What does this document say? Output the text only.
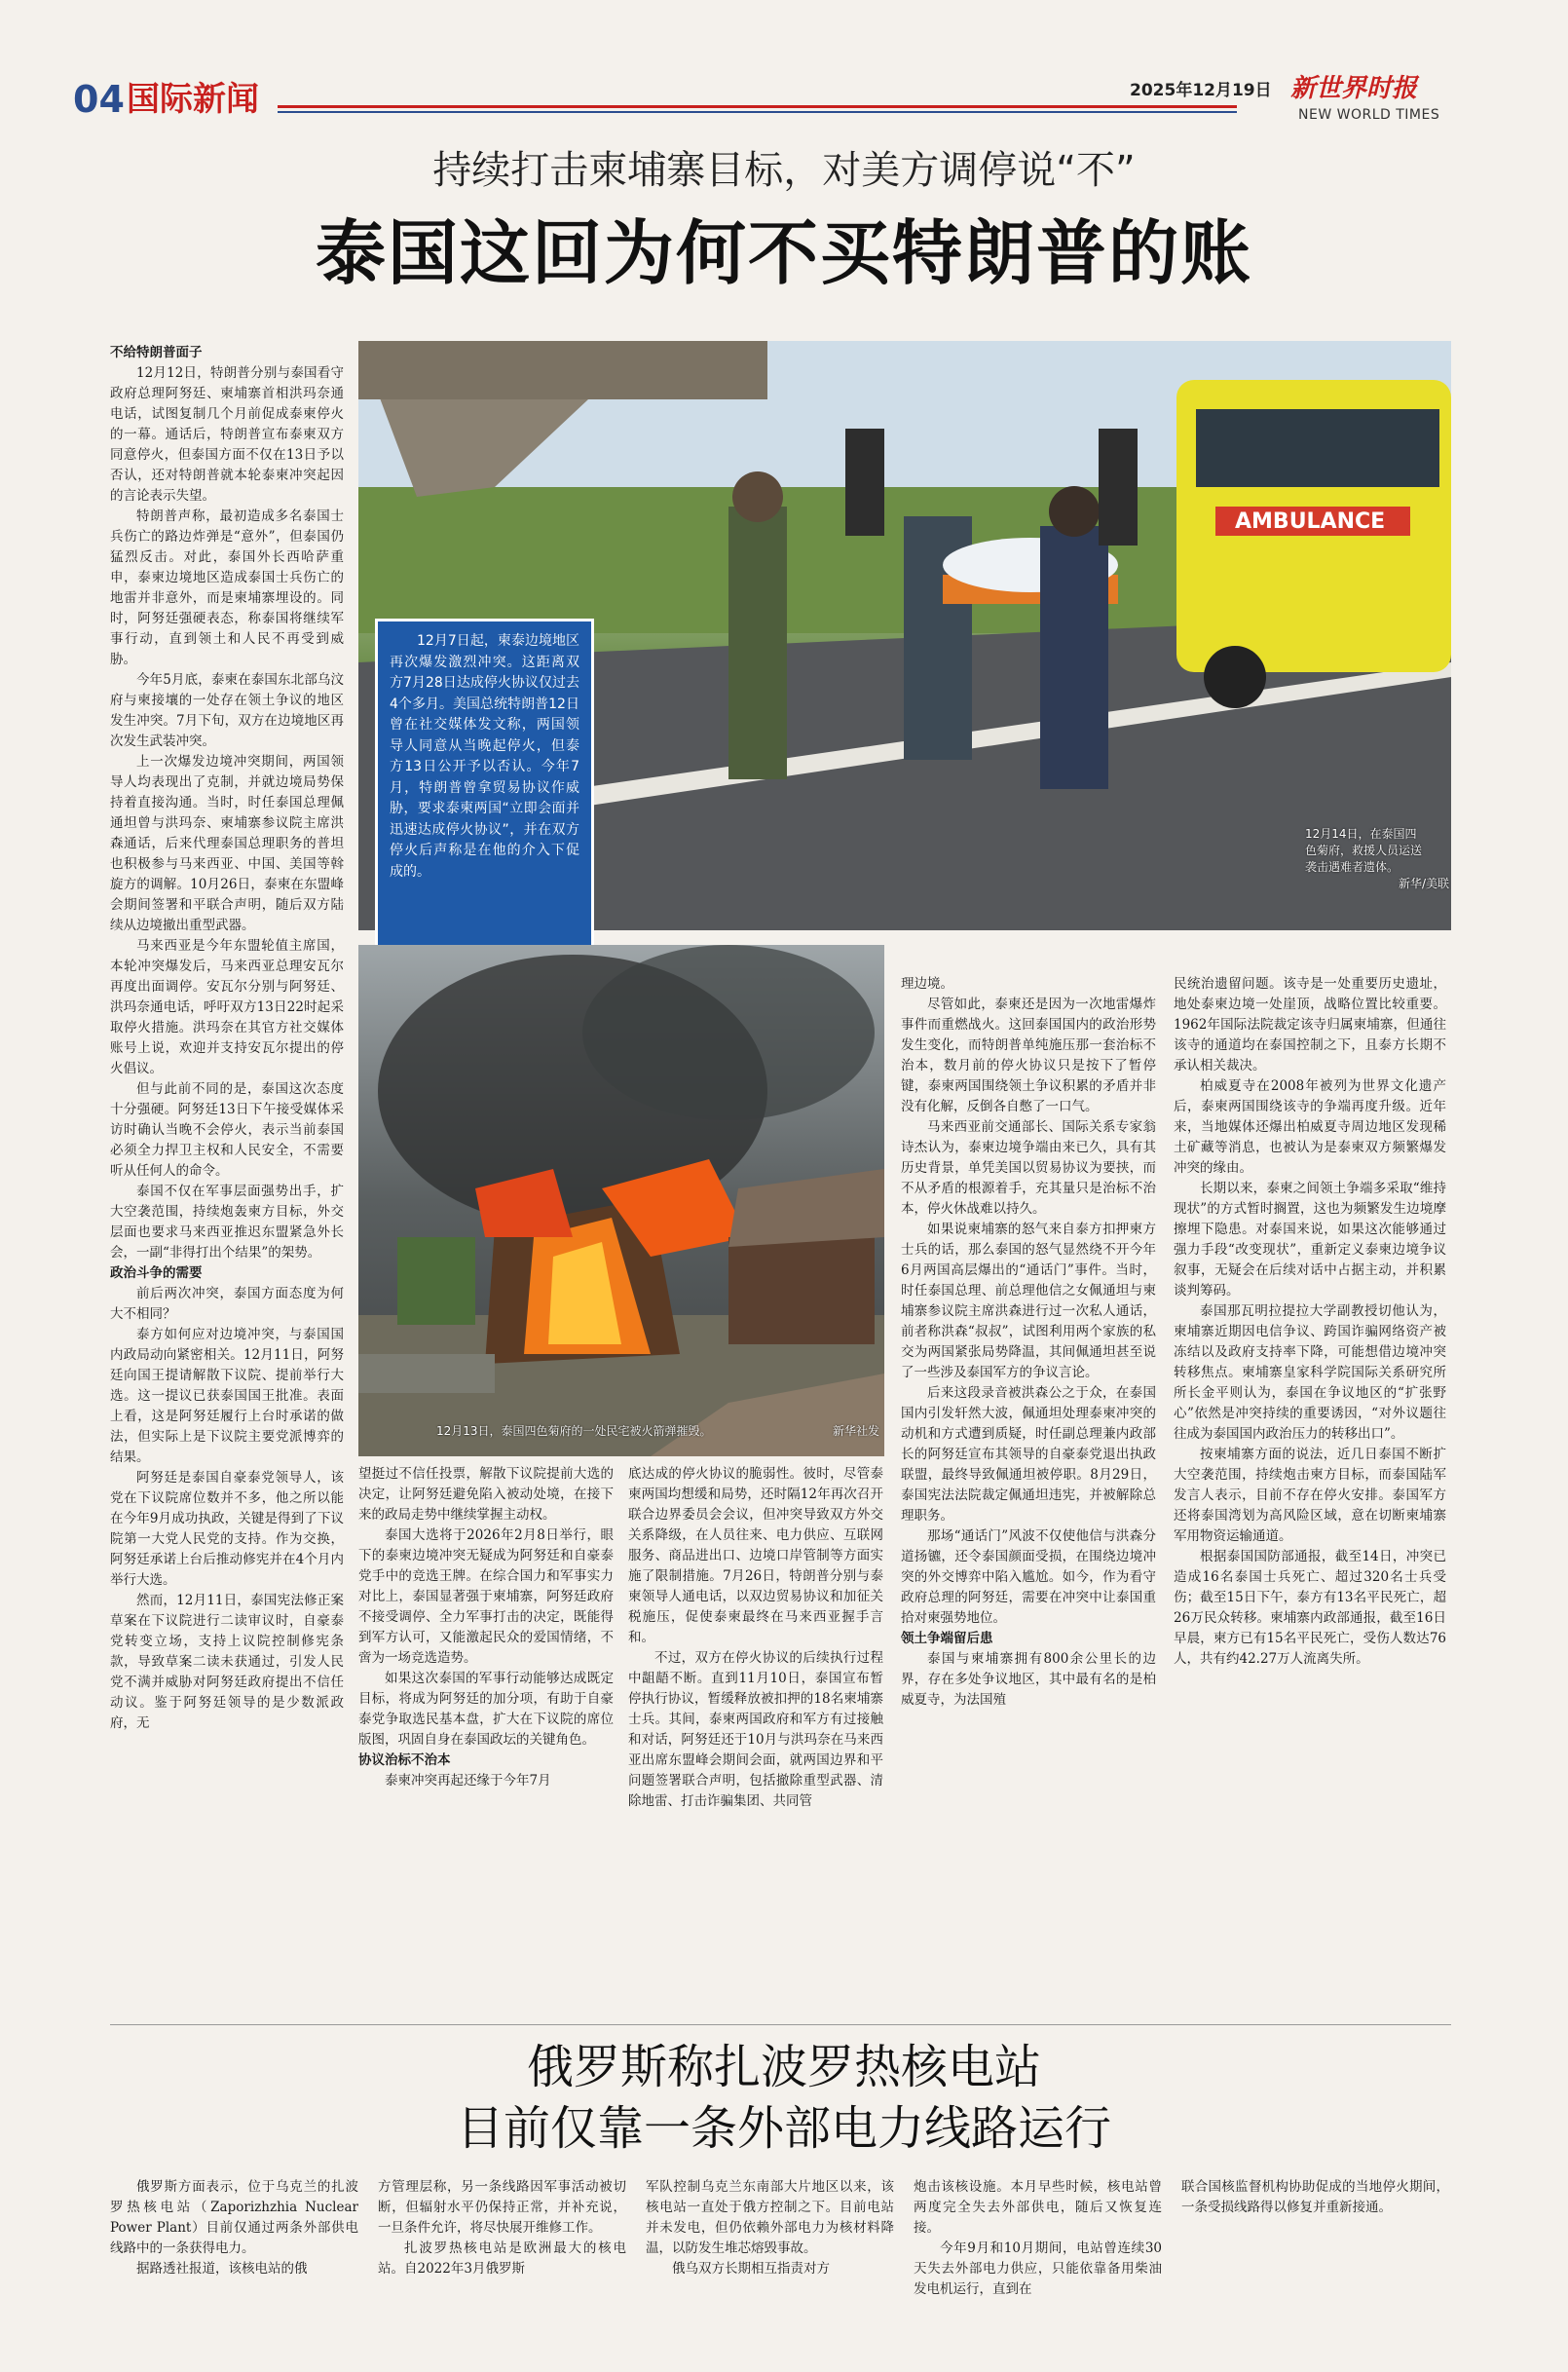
04 国际新闻	2025年12月19日 新世界时报
NEW WORLD TIMES
持续打击柬埔寨目标，对美方调停说“不”
泰国这回为何不买特朗普的账
AMBULANCE
12月7日起，柬泰边境地区再次爆发激烈冲突。这距离双方7月28日达成停火协议仅过去4个多月。美国总统特朗普12日曾在社交媒体发文称，两国领导人同意从当晚起停火，但泰方13日公开予以否认。今年7月，特朗普曾拿贸易协议作威胁，要求泰柬两国“立即会面并迅速达成停火协议”，并在双方停火后声称是在他的介入下促成的。
12月14日，在泰国四
色菊府，救援人员运送
袭击遇难者遗体。
新华/美联
12月13日，泰国四色菊府的一处民宅被火箭弹摧毁。	新华社发

不给特朗普面子

12月12日，特朗普分别与泰国看守政府总理阿努廷、柬埔寨首相洪玛奈通电话，试图复制几个月前促成泰柬停火的一幕。通话后，特朗普宣布泰柬双方同意停火，但泰国方面不仅在13日予以否认，还对特朗普就本轮泰柬冲突起因的言论表示失望。

特朗普声称，最初造成多名泰国士兵伤亡的路边炸弹是“意外”，但泰国仍猛烈反击。对此，泰国外长西哈萨重申，泰柬边境地区造成泰国士兵伤亡的地雷并非意外，而是柬埔寨埋设的。同时，阿努廷强硬表态，称泰国将继续军事行动，直到领土和人民不再受到威胁。

今年5月底，泰柬在泰国东北部乌汶府与柬接壤的一处存在领土争议的地区发生冲突。7月下旬，双方在边境地区再次发生武装冲突。

上一次爆发边境冲突期间，两国领导人均表现出了克制，并就边境局势保持着直接沟通。当时，时任泰国总理佩通坦曾与洪玛奈、柬埔寨参议院主席洪森通话，后来代理泰国总理职务的普坦也积极参与马来西亚、中国、美国等斡旋方的调解。10月26日，泰柬在东盟峰会期间签署和平联合声明，随后双方陆续从边境撤出重型武器。

马来西亚是今年东盟轮值主席国，本轮冲突爆发后，马来西亚总理安瓦尔再度出面调停。安瓦尔分别与阿努廷、洪玛奈通电话，呼吁双方13日22时起采取停火措施。洪玛奈在其官方社交媒体账号上说，欢迎并支持安瓦尔提出的停火倡议。

但与此前不同的是，泰国这次态度十分强硬。阿努廷13日下午接受媒体采访时确认当晚不会停火，表示当前泰国必须全力捍卫主权和人民安全，不需要听从任何人的命令。

泰国不仅在军事层面强势出手，扩大空袭范围，持续炮轰柬方目标，外交层面也要求马来西亚推迟东盟紧急外长会，一副“非得打出个结果”的架势。

政治斗争的需要

前后两次冲突，泰国方面态度为何大不相同？

泰方如何应对边境冲突，与泰国国内政局动向紧密相关。12月11日，阿努廷向国王提请解散下议院、提前举行大选。这一提议已获泰国国王批准。表面上看，这是阿努廷履行上台时承诺的做法，但实际上是下议院主要党派博弈的结果。

阿努廷是泰国自豪泰党领导人，该党在下议院席位数并不多，他之所以能在今年9月成功执政，关键是得到了下议院第一大党人民党的支持。作为交换，阿努廷承诺上台后推动修宪并在4个月内举行大选。

然而，12月11日，泰国宪法修正案草案在下议院进行二读审议时，自豪泰党转变立场，支持上议院控制修宪条款，导致草案二读未获通过，引发人民党不满并威胁对阿努廷政府提出不信任动议。鉴于阿努廷领导的是少数派政府，无

望挺过不信任投票，解散下议院提前大选的决定，让阿努廷避免陷入被动处境，在接下来的政局走势中继续掌握主动权。

泰国大选将于2026年2月8日举行，眼下的泰柬边境冲突无疑成为阿努廷和自豪泰党手中的竞选王牌。在综合国力和军事实力对比上，泰国显著强于柬埔寨，阿努廷政府不接受调停、全力军事打击的决定，既能得到军方认可，又能激起民众的爱国情绪，不啻为一场竞选造势。

如果这次泰国的军事行动能够达成既定目标，将成为阿努廷的加分项，有助于自豪泰党争取选民基本盘，扩大在下议院的席位版图，巩固自身在泰国政坛的关键角色。

协议治标不治本

泰柬冲突再起还缘于今年7月

底达成的停火协议的脆弱性。彼时，尽管泰柬两国均想缓和局势，还时隔12年再次召开联合边界委员会会议，但冲突导致双方外交关系降级，在人员往来、电力供应、互联网服务、商品进出口、边境口岸管制等方面实施了限制措施。7月26日，特朗普分别与泰柬领导人通电话，以双边贸易协议和加征关税施压，促使泰柬最终在马来西亚握手言和。

不过，双方在停火协议的后续执行过程中龃龉不断。直到11月10日，泰国宣布暂停执行协议，暂缓释放被扣押的18名柬埔寨士兵。其间，泰柬两国政府和军方有过接触和对话，阿努廷还于10月与洪玛奈在马来西亚出席东盟峰会期间会面，就两国边界和平问题签署联合声明，包括撤除重型武器、清除地雷、打击诈骗集团、共同管

理边境。

尽管如此，泰柬还是因为一次地雷爆炸事件而重燃战火。这回泰国国内的政治形势发生变化，而特朗普单纯施压那一套治标不治本，数月前的停火协议只是按下了暂停键，泰柬两国围绕领土争议积累的矛盾并非没有化解，反倒各自憋了一口气。

马来西亚前交通部长、国际关系专家翁诗杰认为，泰柬边境争端由来已久，具有其历史背景，单凭美国以贸易协议为要挟，而不从矛盾的根源着手，充其量只是治标不治本，停火休战难以持久。

如果说柬埔寨的怒气来自泰方扣押柬方士兵的话，那么泰国的怒气显然绕不开今年6月两国高层爆出的“通话门”事件。当时，时任泰国总理、前总理他信之女佩通坦与柬埔寨参议院主席洪森进行过一次私人通话，前者称洪森“叔叔”，试图利用两个家族的私交为两国紧张局势降温，其间佩通坦甚至说了一些涉及泰国军方的争议言论。

后来这段录音被洪森公之于众，在泰国国内引发轩然大波，佩通坦处理泰柬冲突的动机和方式遭到质疑，时任副总理兼内政部长的阿努廷宣布其领导的自豪泰党退出执政联盟，最终导致佩通坦被停职。8月29日，泰国宪法法院裁定佩通坦违宪，并被解除总理职务。

那场“通话门”风波不仅使他信与洪森分道扬镳，还令泰国颜面受损，在围绕边境冲突的外交博弈中陷入尴尬。如今，作为看守政府总理的阿努廷，需要在冲突中让泰国重拾对柬强势地位。

领土争端留后患

泰国与柬埔寨拥有800余公里长的边界，存在多处争议地区，其中最有名的是柏威夏寺，为法国殖

民统治遗留问题。该寺是一处重要历史遗址，地处泰柬边境一处崖顶，战略位置比较重要。1962年国际法院裁定该寺归属柬埔寨，但通往该寺的通道均在泰国控制之下，且泰方长期不承认相关裁决。

柏威夏寺在2008年被列为世界文化遗产后，泰柬两国围绕该寺的争端再度升级。近年来，当地媒体还爆出柏威夏寺周边地区发现稀土矿藏等消息，也被认为是泰柬双方频繁爆发冲突的缘由。

长期以来，泰柬之间领土争端多采取“维持现状”的方式暂时搁置，这也为频繁发生边境摩擦埋下隐患。对泰国来说，如果这次能够通过强力手段“改变现状”，重新定义泰柬边境争议叙事，无疑会在后续对话中占据主动，并积累谈判筹码。

泰国那瓦明拉提拉大学副教授切他认为，柬埔寨近期因电信争议、跨国诈骗网络资产被冻结以及政府支持率下降，可能想借边境冲突转移焦点。柬埔寨皇家科学院国际关系研究所所长金平则认为，泰国在争议地区的“扩张野心”依然是冲突持续的重要诱因，“对外议题往往成为泰国国内政治压力的转移出口”。

按柬埔寨方面的说法，近几日泰国不断扩大空袭范围，持续炮击柬方目标，而泰国陆军发言人表示，目前不存在停火安排。泰国军方还将泰国湾划为高风险区域，意在切断柬埔寨军用物资运输通道。

根据泰国国防部通报，截至14日，冲突已造成16名泰国士兵死亡、超过320名士兵受伤；截至15日下午，泰方有13名平民死亡，超26万民众转移。柬埔寨内政部通报，截至16日早晨，柬方已有15名平民死亡，受伤人数达76人，共有约42.27万人流离失所。

俄罗斯称扎波罗热核电站
目前仅靠一条外部电力线路运行

俄罗斯方面表示，位于乌克兰的扎波罗热核电站（Zaporizhzhia Nuclear Power Plant）目前仅通过两条外部供电线路中的一条获得电力。

据路透社报道，该核电站的俄

方管理层称，另一条线路因军事活动被切断，但辐射水平仍保持正常，并补充说，一旦条件允许，将尽快展开维修工作。

扎波罗热核电站是欧洲最大的核电站。自2022年3月俄罗斯

军队控制乌克兰东南部大片地区以来，该核电站一直处于俄方控制之下。目前电站并未发电，但仍依赖外部电力为核材料降温，以防发生堆芯熔毁事故。

俄乌双方长期相互指责对方

炮击该核设施。本月早些时候，核电站曾两度完全失去外部供电，随后又恢复连接。

今年9月和10月期间，电站曾连续30天失去外部电力供应，只能依靠备用柴油发电机运行，直到在

联合国核监督机构协助促成的当地停火期间，一条受损线路得以修复并重新接通。
